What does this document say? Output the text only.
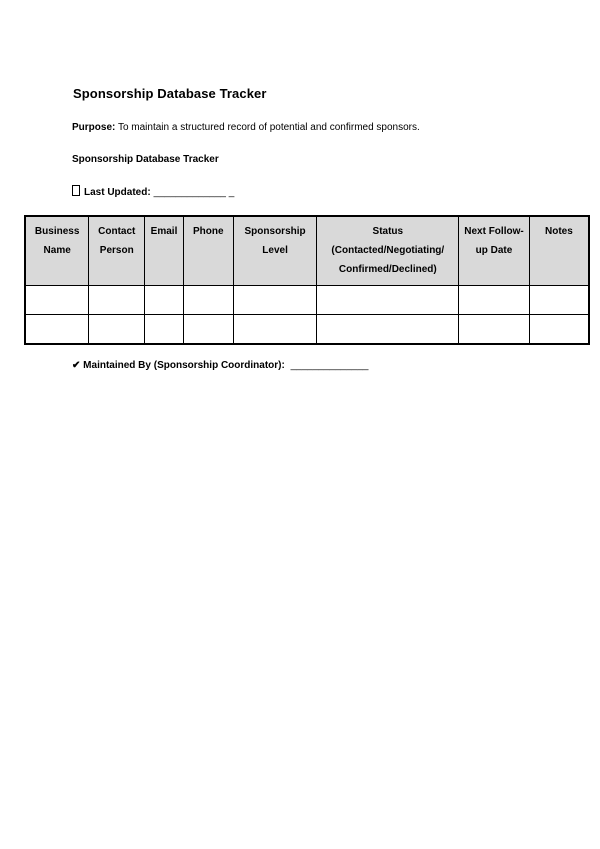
Sponsorship Database Tracker
Purpose: To maintain a structured record of potential and confirmed sponsors.
Sponsorship Database Tracker
Last Updated: _____________ _
Business Name	Contact Person	Email	Phone	Sponsorship Level	Status (Contacted/Negotiating/ Confirmed/Declined)	Next Follow-up Date	Notes

✔ Maintained By (Sponsorship Coordinator): ______________
